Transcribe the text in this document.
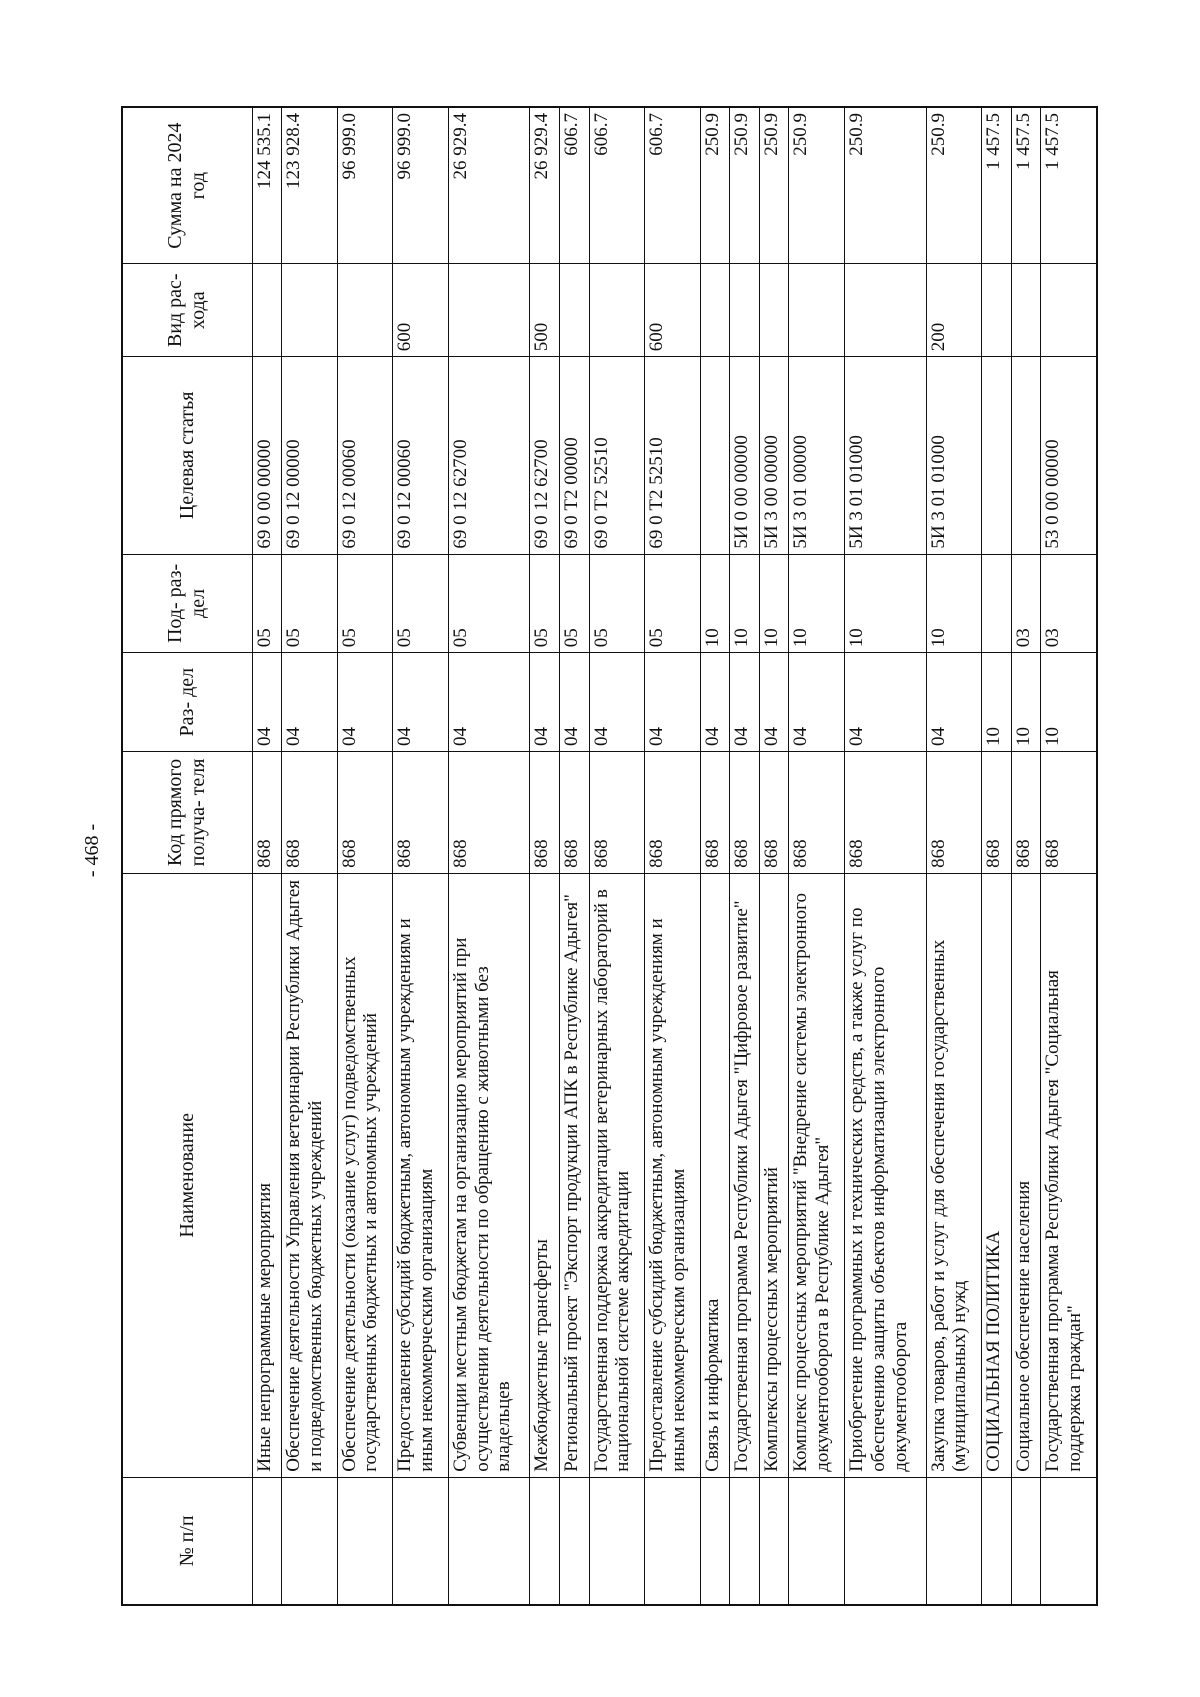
- 468 -
№ п/п	Наименование	Код прямого получа- теля	Раз- дел	Под- раз- дел	Целевая статья	Вид рас- хода	Сумма на 2024 год
	Иные непрограммные мероприятия	868	04	05	69 0 00 00000		124 535.1
	Обеспечение деятельности Управления ветеринарии Республики Адыгея и подведомственных бюджетных учреждений	868	04	05	69 0 12 00000		123 928.4
	Обеспечение деятельности (оказание услуг) подведомственных государственных бюджетных и автономных учреждений	868	04	05	69 0 12 00060		96 999.0
	Предоставление субсидий бюджетным, автономным учреждениям и иным некоммерческим организациям	868	04	05	69 0 12 00060	600	96 999.0
	Субвенции местным бюджетам на организацию мероприятий при осуществлении деятельности по обращению с животными без владельцев	868	04	05	69 0 12 62700		26 929.4
	Межбюджетные трансферты	868	04	05	69 0 12 62700	500	26 929.4
	Региональный проект "Экспорт продукции АПК в Республике Адыгея"	868	04	05	69 0 Т2 00000		606.7
	Государственная поддержка аккредитации ветеринарных лабораторий в национальной системе аккредитации	868	04	05	69 0 Т2 52510		606.7
	Предоставление субсидий бюджетным, автономным учреждениям и иным некоммерческим организациям	868	04	05	69 0 Т2 52510	600	606.7
	Связь и информатика	868	04	10			250.9
	Государственная программа Республики Адыгея "Цифровое развитие"	868	04	10	5И 0 00 00000		250.9
	Комплексы процессных мероприятий	868	04	10	5И 3 00 00000		250.9
	Комплекс процессных мероприятий "Внедрение системы электронного документооборота в Республике Адыгея"	868	04	10	5И 3 01 00000		250.9
	Приобретение программных и технических средств, а также услуг по обеспечению защиты объектов информатизации электронного документооборота	868	04	10	5И 3 01 01000		250.9
	Закупка товаров, работ и услуг для обеспечения государственных (муниципальных) нужд	868	04	10	5И 3 01 01000	200	250.9
	СОЦИАЛЬНАЯ ПОЛИТИКА	868	10				1 457.5
	Социальное обеспечение населения	868	10	03			1 457.5
	Государственная программа Республики Адыгея "Социальная поддержка граждан"	868	10	03	53 0 00 00000		1 457.5
